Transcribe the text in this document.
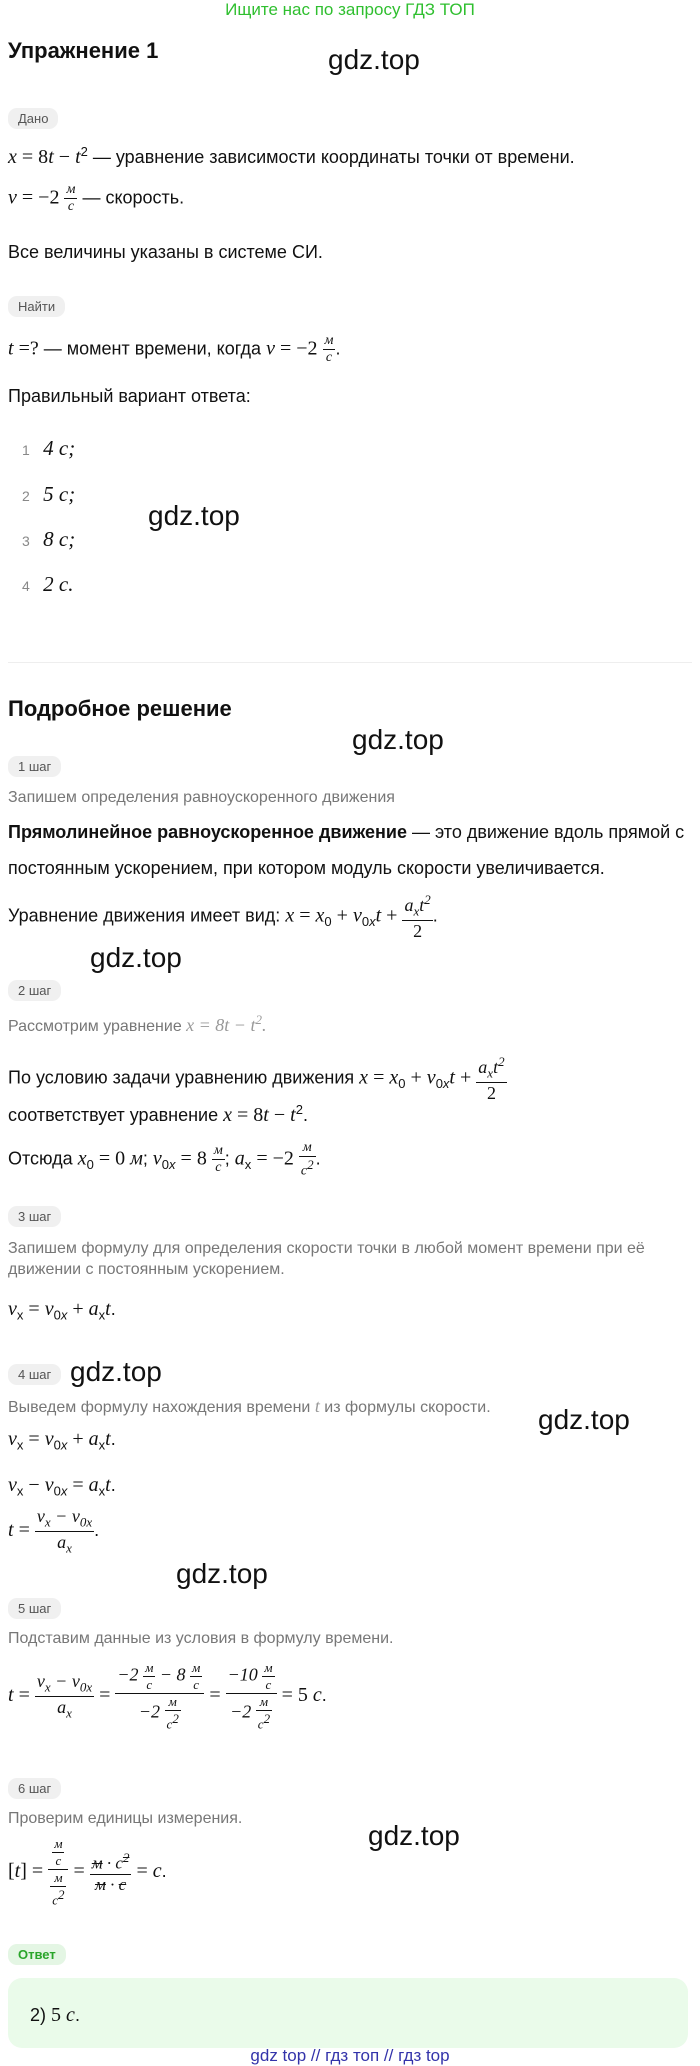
Ищите нас по запросу ГДЗ ТОП
Упражнение 1	gdz.top
Дано
$x = 8t - t^2$ — уравнение зависимости координаты точки от времени.
$v = -2 \frac{м}{с}$ — скорость.
Все величины указаны в системе СИ.
Найти
t =? — момент времени, когда $v = -2 \frac{м}{с}$ .
Правильный вариант ответа:
1 4 с;
2 5 с;
gdz.top
3 8 с;
4 2 с.
Подробное решение
gdz.top
1 шаг
Запишем определения равноускоренного движения
Прямолинейное равноускоренное движение — это движение вдоль прямой с
постоянным ускорением, при котором модуль скорости увеличивается.
Уравнение движения имеет вид: $x = x_0 + v_{0x}t + \frac{a_xt^2}{2}$ .
gdz.top
2 шаг
Рассмотрим уравнение $x = 8t - t^2$.
По условию задачи уравнению движения $x = x_0 + v_{0x}t + \frac{a_xt^2}{2}$
соответствует уравнение $x = 8t - t^2$.
Отсюда $x_0 = 0$ м; $v_{0x} = 8 \frac{м}{с}$ ; $a_x = -2 \frac{м}{с^2}$ .
3 шаг
Запишем формулу для определения скорости точки в любой момент времени при её движении с постоянным ускорением.
$v_x = v_{0x} + a_xt$.
4 шаг gdz.top
Выведем формулу нахождения времени t из формулы скорости. gdz.top
$v_x = v_{0x} + a_xt$.
$v_x - v_{0x} = a_xt$.
$t = \frac{v_x - v_{0x}}{a_x}$ .
gdz.top
5 шаг
Подставим данные из условия в формулу времени.
$t = \frac{v_x - v_{0x}}{a_x} = \frac{-2 \frac{м}{с} - 8 \frac{м}{с}}{-2 \frac{м}{с^2}} = \frac{-10 \frac{м}{с}}{-2 \frac{м}{с^2}} = 5$ с.
6 шаг
Проверим единицы измерения.
gdz.top
$[t] = \frac{\frac{м}{с}}{\frac{м}{с^2}} = \frac{м \cdot с^2}{м \cdot с} = с$.
Ответ
2) 5 с.
gdz top // гдз топ // гдз top
